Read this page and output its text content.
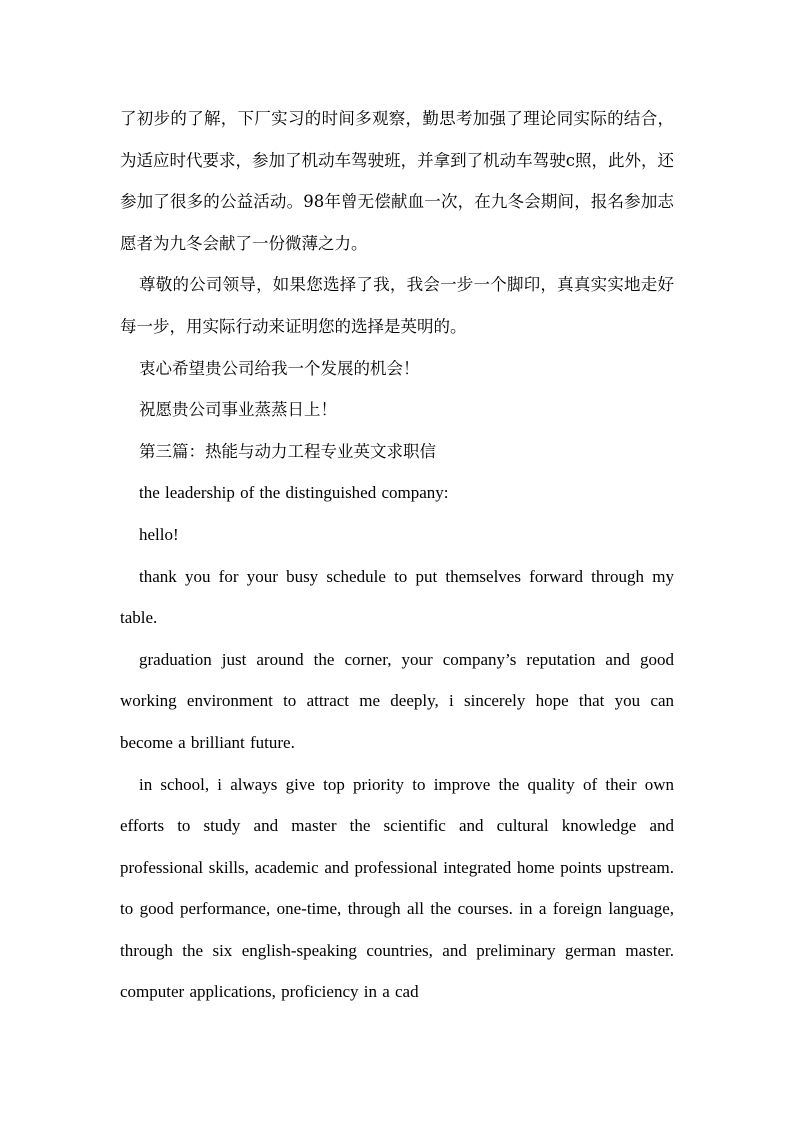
了初步的了解，下厂实习的时间多观察，勤思考加强了理论同实际的结合，为适应时代要求，参加了机动车驾驶班，并拿到了机动车驾驶c照，此外，还参加了很多的公益活动。98年曾无偿献血一次，在九冬会期间，报名参加志愿者为九冬会献了一份微薄之力。

尊敬的公司领导，如果您选择了我，我会一步一个脚印，真真实实地走好每一步，用实际行动来证明您的选择是英明的。

衷心希望贵公司给我一个发展的机会！

祝愿贵公司事业蒸蒸日上！

第三篇：热能与动力工程专业英文求职信

the leadership of the distinguished company:

hello!

thank you for your busy schedule to put themselves forward through my table.

graduation just around the corner, your company’s reputation and good working environment to attract me deeply, i sincerely hope that you can become a brilliant future.

in school, i always give top priority to improve the quality of their own efforts to study and master the scientific and cultural knowledge and professional skills, academic and professional integrated home points upstream. to good performance, one-time, through all the courses. in a foreign language, through the six english-speaking countries, and preliminary german master. computer applications, proficiency in a cad
